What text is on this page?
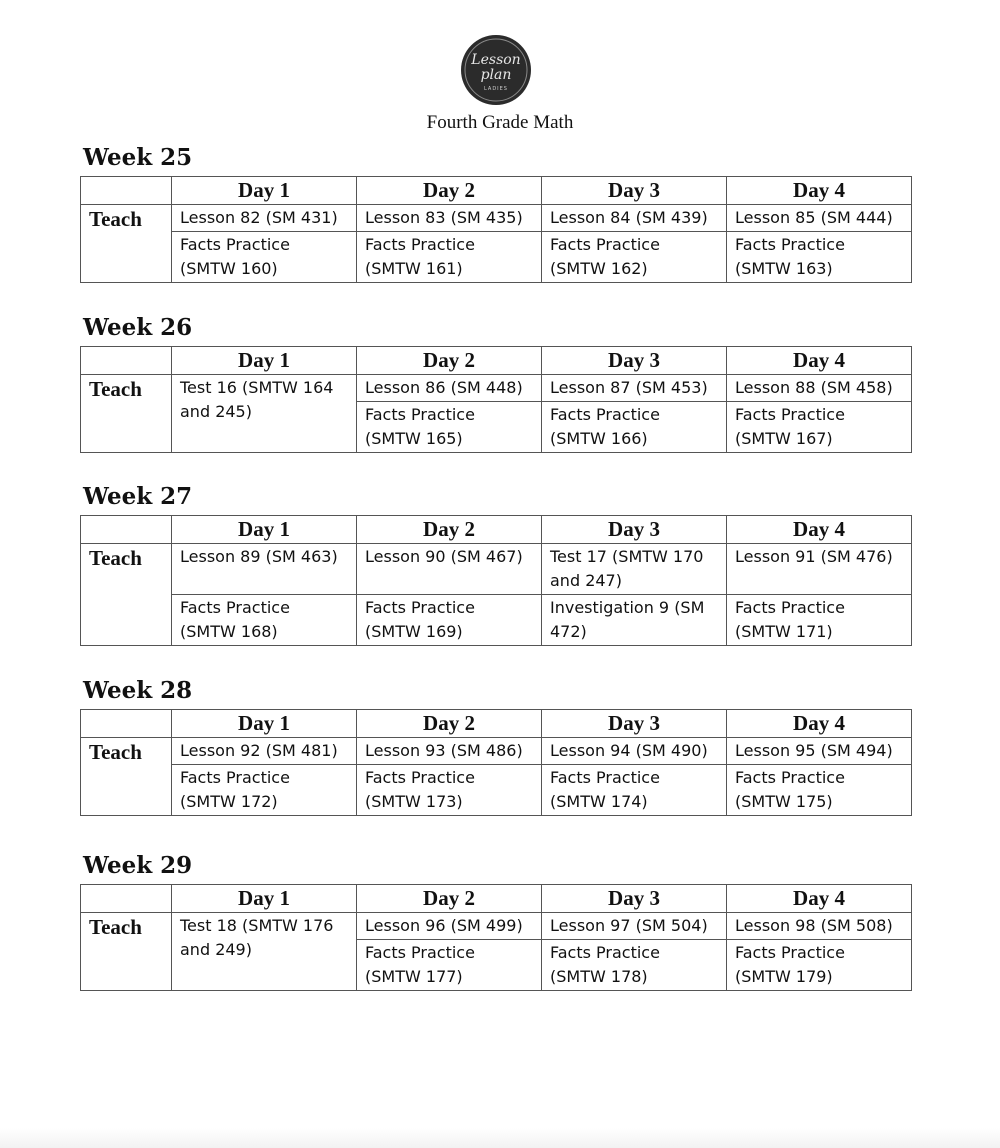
Lesson
plan
LADIES
Fourth Grade Math
Week 25
	Day 1	Day 2	Day 3	Day 4
Teach	Lesson 82 (SM 431)	Lesson 83 (SM 435)	Lesson 84 (SM 439)	Lesson 85 (SM 444)
	Facts Practice (SMTW 160)	Facts Practice (SMTW 161)	Facts Practice (SMTW 162)	Facts Practice (SMTW 163)
Week 26
	Day 1	Day 2	Day 3	Day 4
Teach	Test 16 (SMTW 164 and 245)	Lesson 86 (SM 448)	Lesson 87 (SM 453)	Lesson 88 (SM 458)
		Facts Practice (SMTW 165)	Facts Practice (SMTW 166)	Facts Practice (SMTW 167)
Week 27
	Day 1	Day 2	Day 3	Day 4
Teach	Lesson 89 (SM 463)	Lesson 90 (SM 467)	Test 17 (SMTW 170 and 247)	Lesson 91 (SM 476)
	Facts Practice (SMTW 168)	Facts Practice (SMTW 169)	Investigation 9 (SM 472)	Facts Practice (SMTW 171)
Week 28
	Day 1	Day 2	Day 3	Day 4
Teach	Lesson 92 (SM 481)	Lesson 93 (SM 486)	Lesson 94 (SM 490)	Lesson 95 (SM 494)
	Facts Practice (SMTW 172)	Facts Practice (SMTW 173)	Facts Practice (SMTW 174)	Facts Practice (SMTW 175)
Week 29
	Day 1	Day 2	Day 3	Day 4
Teach	Test 18 (SMTW 176 and 249)	Lesson 96 (SM 499)	Lesson 97 (SM 504)	Lesson 98 (SM 508)
		Facts Practice (SMTW 177)	Facts Practice (SMTW 178)	Facts Practice (SMTW 179)
